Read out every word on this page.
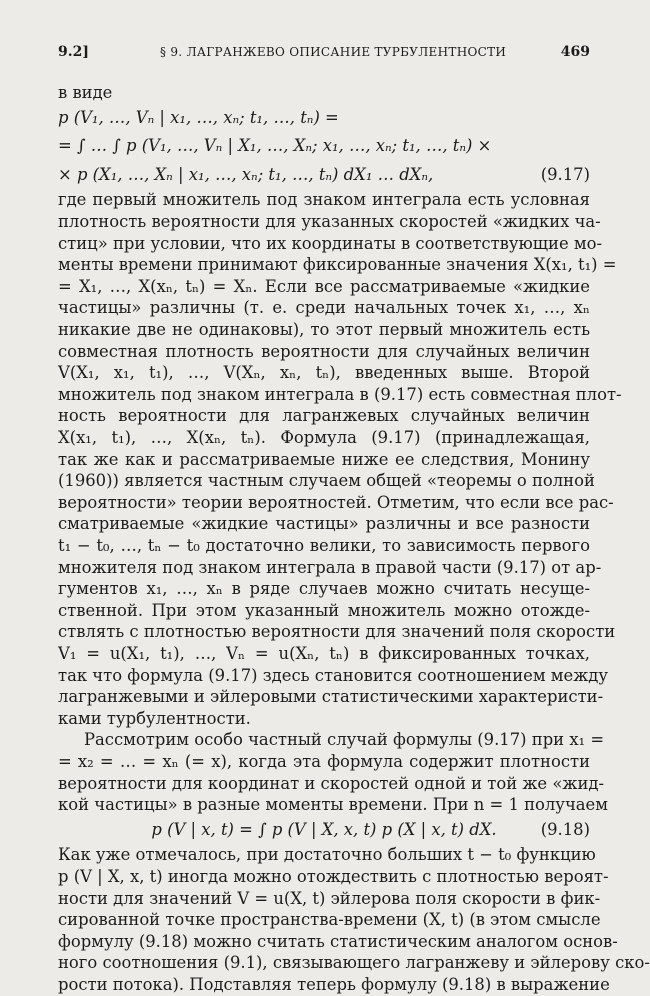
9.2]	§ 9. ЛАГРАНЖЕВО ОПИСАНИЕ ТУРБУЛЕНТНОСТИ	469
в виде
p (V₁, …, Vₙ | x₁, …, xₙ; t₁, …, tₙ) =
= ∫ … ∫ p (V₁, …, Vₙ | X₁, …, Xₙ; x₁, …, xₙ; t₁, …, tₙ) ×
× p (X₁, …, Xₙ | x₁, …, xₙ; t₁, …, tₙ) dX₁ … dXₙ,	(9.17)
где первый множитель под знаком интеграла есть условная
плотность вероятности для указанных скоростей «жидких ча-
стиц» при условии, что их координаты в соответствующие мо-
менты времени принимают фиксированные значения X(x₁, t₁) =
= X₁, …, X(xₙ, tₙ) = Xₙ. Если все рассматриваемые «жидкие
частицы» различны (т. е. среди начальных точек x₁, …, xₙ
никакие две не одинаковы), то этот первый множитель есть
совместная плотность вероятности для случайных величин
V(X₁, x₁, t₁), …, V(Xₙ, xₙ, tₙ), введенных выше. Второй
множитель под знаком интеграла в (9.17) есть совместная плот-
ность вероятности для лагранжевых случайных величин
X(x₁, t₁), …, X(xₙ, tₙ). Формула (9.17) (принадлежащая,
так же как и рассматриваемые ниже ее следствия, Монину
(1960)) является частным случаем общей «теоремы о полной
вероятности» теории вероятностей. Отметим, что если все рас-
сматриваемые «жидкие частицы» различны и все разности
t₁ − t₀, …, tₙ − t₀ достаточно велики, то зависимость первого
множителя под знаком интеграла в правой части (9.17) от ар-
гументов x₁, …, xₙ в ряде случаев можно считать несуще-
ственной. При этом указанный множитель можно отожде-
ствлять с плотностью вероятности для значений поля скорости
V₁ = u(X₁, t₁), …, Vₙ = u(Xₙ, tₙ) в фиксированных точках,
так что формула (9.17) здесь становится соотношением между
лагранжевыми и эйлеровыми статистическими характеристи-
ками турбулентности.
Рассмотрим особо частный случай формулы (9.17) при x₁ =
= x₂ = … = xₙ (= x), когда эта формула содержит плотности
вероятности для координат и скоростей одной и той же «жид-
кой частицы» в разные моменты времени. При n = 1 получаем
p (V | x, t) = ∫ p (V | X, x, t) p (X | x, t) dX.	(9.18)
Как уже отмечалось, при достаточно больших t − t₀ функцию
p (V | X, x, t) иногда можно отождествить с плотностью вероят-
ности для значений V = u(X, t) эйлерова поля скорости в фик-
сированной точке пространства-времени (X, t) (в этом смысле
формулу (9.18) можно считать статистическим аналогом основ-
ного соотношения (9.1), связывающего лагранжеву и эйлерову ско-
рости потока). Подставляя теперь формулу (9.18) в выражение
